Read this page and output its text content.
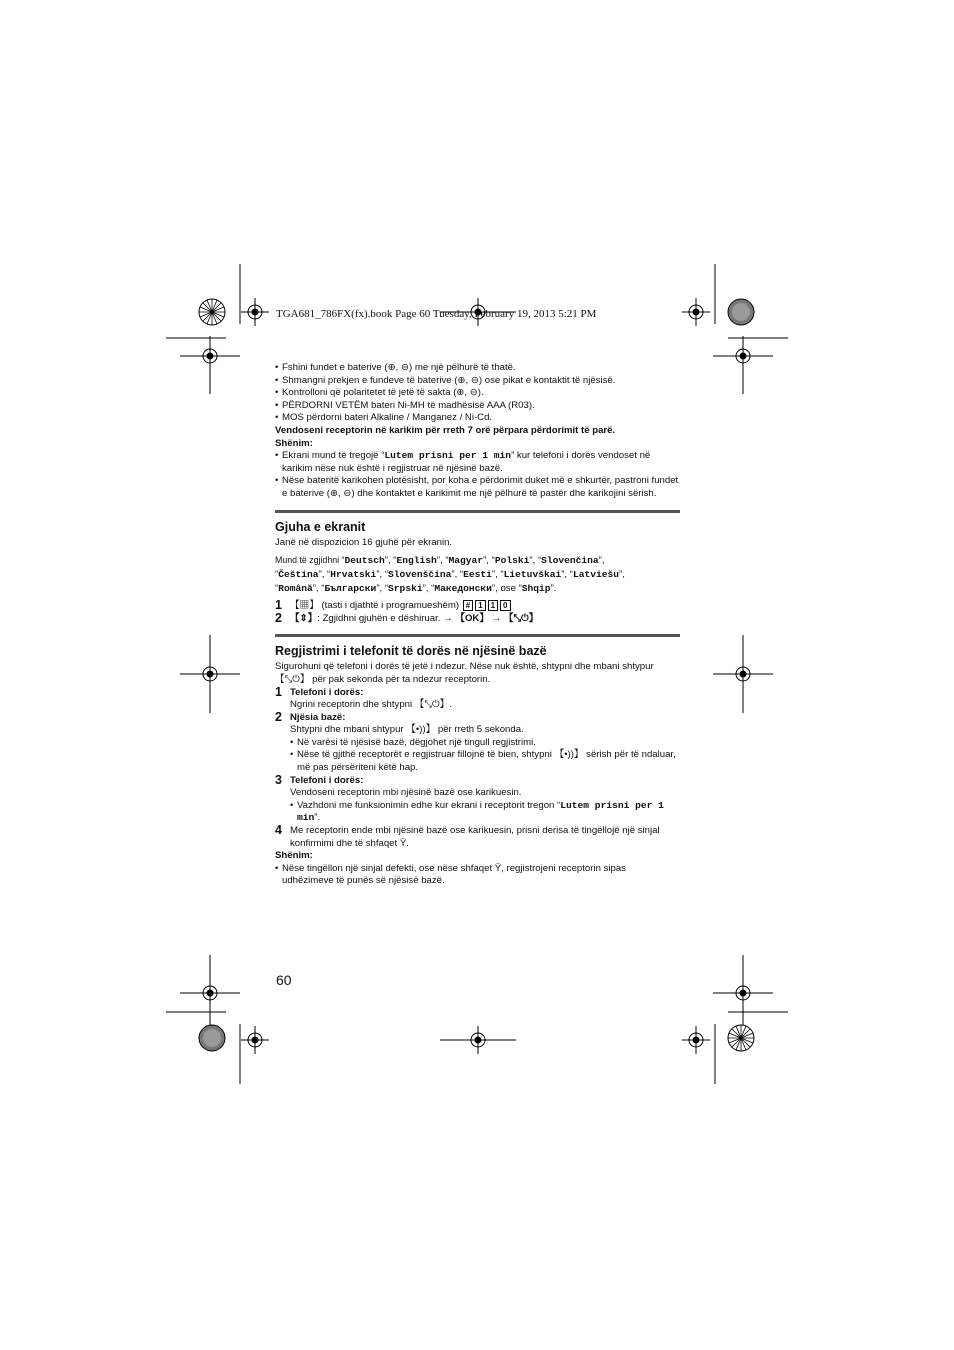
TGA681_786FX(fx).book Page 60 Tuesday, February 19, 2013 5:21 PM
• Fshini fundet e baterive (⊕, ⊖) me një pëlhurë të thatë.
• Shmangni prekjen e fundeve të baterive (⊕, ⊖) ose pikat e kontaktit të njësisë.
• Kontrolloni që polaritetet të jetë të sakta (⊕, ⊖).
• PËRDORNI VETËM bateri Ni-MH të madhësisë AAA (R03).
• MOS përdorni bateri Alkaline / Manganez / Ni-Cd.
Vendoseni receptorin në karikim për rreth 7 orë përpara përdorimit të parë.
Shënim:
• Ekrani mund të tregojë “Lutem prisni per 1 min” kur telefoni i dorës vendoset në karikim nëse nuk është i regjistruar në njësinë bazë.
• Nëse bateritë karikohen plotësisht, por koha e përdorimit duket më e shkurtër, pastroni fundet e baterive (⊕, ⊖) dhe kontaktet e karikimit me një pëlhurë të pastër dhe karikojini sërish.
Gjuha e ekranit
Janë në dispozicion 16 gjuhë për ekranin.
Mund të zgjidhni “Deutsch”, “English”, “Magyar”, “Polski”, “Slovenčina”,
“Čeština”, “Hrvatski”, “Slovenščina”, “Eesti”, “Lietuvškai”, “Latviešu”,
“Română”, “Български”, “Srpski”, “Македонски”, ose “Shqip”.
1 【▦】 (tasti i djathtë i programueshëm) # 1 1 0
2 【⇕】: Zgjidhni gjuhën e dëshiruar. → 【OK】 → 【⤡⏻】
Regjistrimi i telefonit të dorës në njësinë bazë
Sigurohuni që telefoni i dorës të jetë i ndezur. Nëse nuk është, shtypni dhe mbani shtypur 【⤡⏻】 për pak sekonda për ta ndezur receptorin.
1 Telefoni i dorës:
Ngrini receptorin dhe shtypni 【⤡⏻】.
2 Njësia bazë:
Shtypni dhe mbani shtypur 【•))】 për rreth 5 sekonda.
• Në varësi të njësisë bazë, dëgjohet një tingull regjistrimi.
• Nëse të gjithë receptorët e regjistruar fillojnë të bien, shtypni 【•))】 sërish për të ndaluar, më pas përsëriteni këtë hap.
3 Telefoni i dorës:
Vendoseni receptorin mbi njësinë bazë ose karikuesin.
• Vazhdoni me funksionimin edhe kur ekrani i receptorit tregon “Lutem prisni per 1 min”.
4 Me receptorin ende mbi njësinë bazë ose karikuesin, prisni derisa të tingëllojë një sinjal konfirmimi dhe të shfaqet Ÿ.
Shënim:
• Nëse tingëllon një sinjal defekti, ose nëse shfaqet Ÿ, regjistrojeni receptorin sipas udhëzimeve të punës së njësisë bazë.
60
